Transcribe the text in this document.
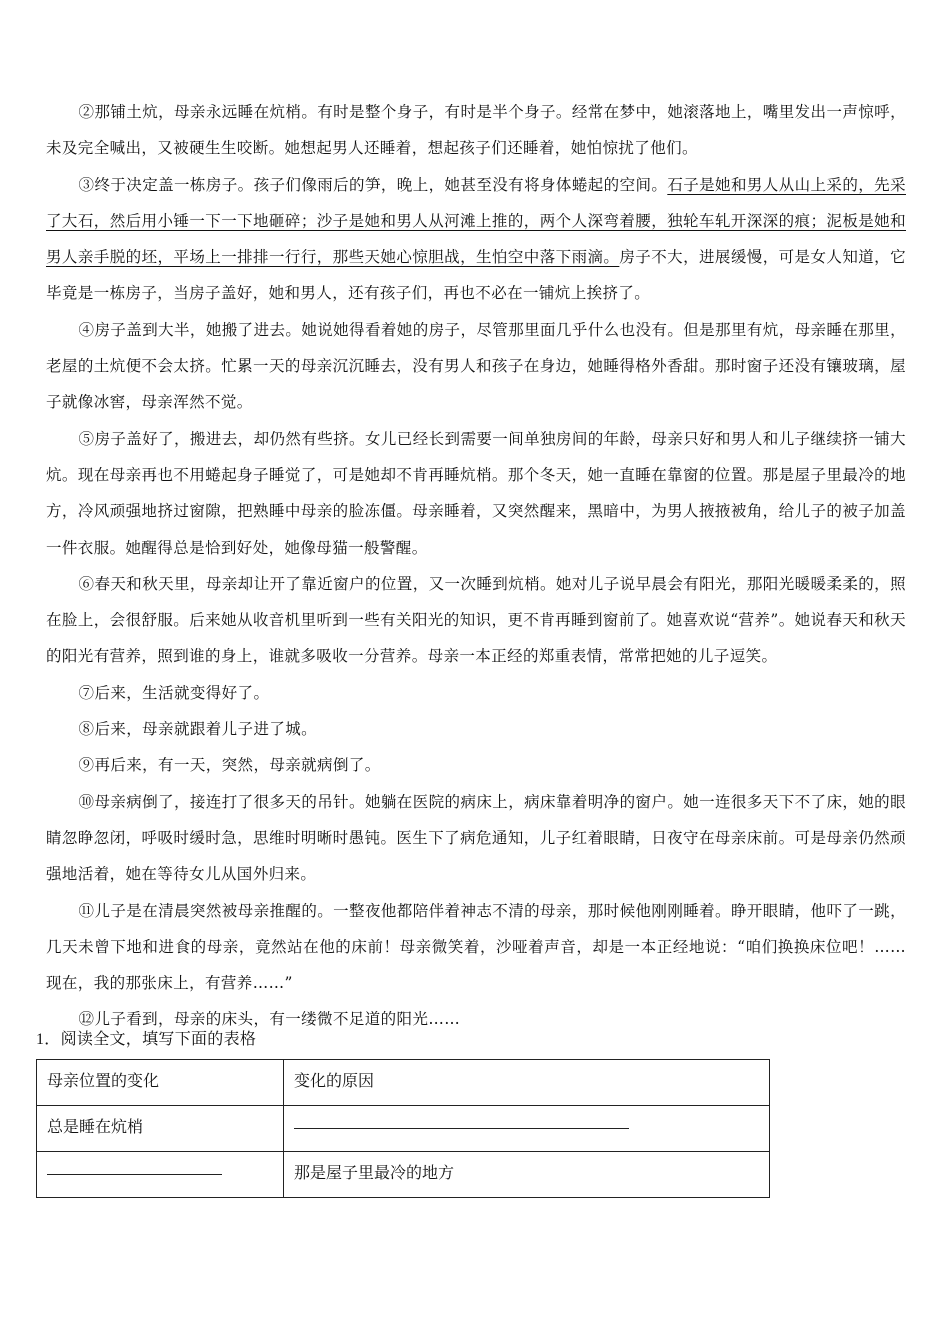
②那铺土炕，母亲永远睡在炕梢。有时是整个身子，有时是半个身子。经常在梦中，她滚落地上，嘴里发出一声惊呼，未及完全喊出，又被硬生生咬断。她想起男人还睡着，想起孩子们还睡着，她怕惊扰了他们。

③终于决定盖一栋房子。孩子们像雨后的笋，晚上，她甚至没有将身体蜷起的空间。石子是她和男人从山上采的，先采了大石，然后用小锤一下一下地砸碎；沙子是她和男人从河滩上推的，两个人深弯着腰，独轮车轧开深深的痕；泥板是她和男人亲手脱的坯，平场上一排排一行行，那些天她心惊胆战，生怕空中落下雨滴。房子不大，进展缓慢，可是女人知道，它毕竟是一栋房子，当房子盖好，她和男人，还有孩子们，再也不必在一铺炕上挨挤了。

④房子盖到大半，她搬了进去。她说她得看着她的房子，尽管那里面几乎什么也没有。但是那里有炕，母亲睡在那里，老屋的土炕便不会太挤。忙累一天的母亲沉沉睡去，没有男人和孩子在身边，她睡得格外香甜。那时窗子还没有镶玻璃，屋子就像冰窖，母亲浑然不觉。

⑤房子盖好了，搬进去，却仍然有些挤。女儿已经长到需要一间单独房间的年龄，母亲只好和男人和儿子继续挤一铺大炕。现在母亲再也不用蜷起身子睡觉了，可是她却不肯再睡炕梢。那个冬天，她一直睡在靠窗的位置。那是屋子里最冷的地方，冷风顽强地挤过窗隙，把熟睡中母亲的脸冻僵。母亲睡着，又突然醒来，黑暗中，为男人掖掖被角，给儿子的被子加盖一件衣服。她醒得总是恰到好处，她像母猫一般警醒。

⑥春天和秋天里，母亲却让开了靠近窗户的位置，又一次睡到炕梢。她对儿子说早晨会有阳光，那阳光暖暖柔柔的，照在脸上，会很舒服。后来她从收音机里听到一些有关阳光的知识，更不肯再睡到窗前了。她喜欢说“营养”。她说春天和秋天的阳光有营养，照到谁的身上，谁就多吸收一分营养。母亲一本正经的郑重表情，常常把她的儿子逗笑。

⑦后来，生活就变得好了。

⑧后来，母亲就跟着儿子进了城。

⑨再后来，有一天，突然，母亲就病倒了。

⑩母亲病倒了，接连打了很多天的吊针。她躺在医院的病床上，病床靠着明净的窗户。她一连很多天下不了床，她的眼睛忽睁忽闭，呼吸时缓时急，思维时明晰时愚钝。医生下了病危通知，儿子红着眼睛，日夜守在母亲床前。可是母亲仍然顽强地活着，她在等待女儿从国外归来。

⑪儿子是在清晨突然被母亲推醒的。一整夜他都陪伴着神志不清的母亲，那时候他刚刚睡着。睁开眼睛，他吓了一跳，几天未曾下地和进食的母亲，竟然站在他的床前！母亲微笑着，沙哑着声音，却是一本正经地说：“咱们换换床位吧！……现在，我的那张床上，有营养……”

⑫儿子看到，母亲的床头，有一缕微不足道的阳光……

1．阅读全文，填写下面的表格
母亲位置的变化	变化的原因
总是睡在炕梢	
	那是屋子里最冷的地方
